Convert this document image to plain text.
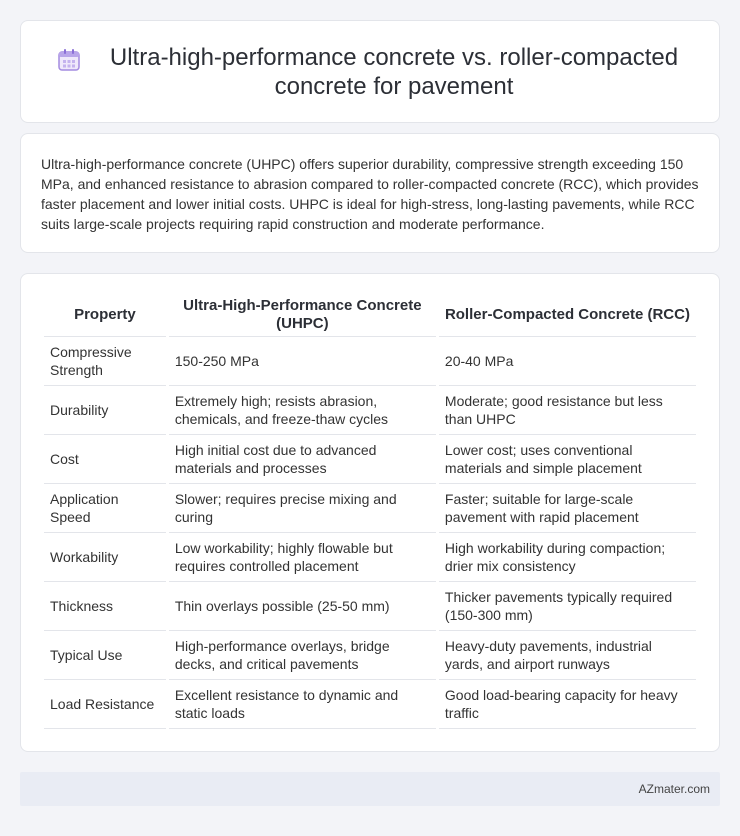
Ultra-high-performance concrete vs. roller-compacted concrete for pavement

Ultra-high-performance concrete (UHPC) offers superior durability, compressive strength exceeding 150 MPa, and enhanced resistance to abrasion compared to roller-compacted concrete (RCC), which provides faster placement and lower initial costs. UHPC is ideal for high-stress, long-lasting pavements, while RCC suits large-scale projects requiring rapid construction and moderate performance.

Property	Ultra-High-Performance Concrete (UHPC)	Roller-Compacted Concrete (RCC)
Compressive Strength	150-250 MPa	20-40 MPa
Durability	Extremely high; resists abrasion, chemicals, and freeze-thaw cycles	Moderate; good resistance but less than UHPC
Cost	High initial cost due to advanced materials and processes	Lower cost; uses conventional materials and simple placement
Application Speed	Slower; requires precise mixing and curing	Faster; suitable for large-scale pavement with rapid placement
Workability	Low workability; highly flowable but requires controlled placement	High workability during compaction; drier mix consistency
Thickness	Thin overlays possible (25-50 mm)	Thicker pavements typically required (150-300 mm)
Typical Use	High-performance overlays, bridge decks, and critical pavements	Heavy-duty pavements, industrial yards, and airport runways
Load Resistance	Excellent resistance to dynamic and static loads	Good load-bearing capacity for heavy traffic
AZmater.com
